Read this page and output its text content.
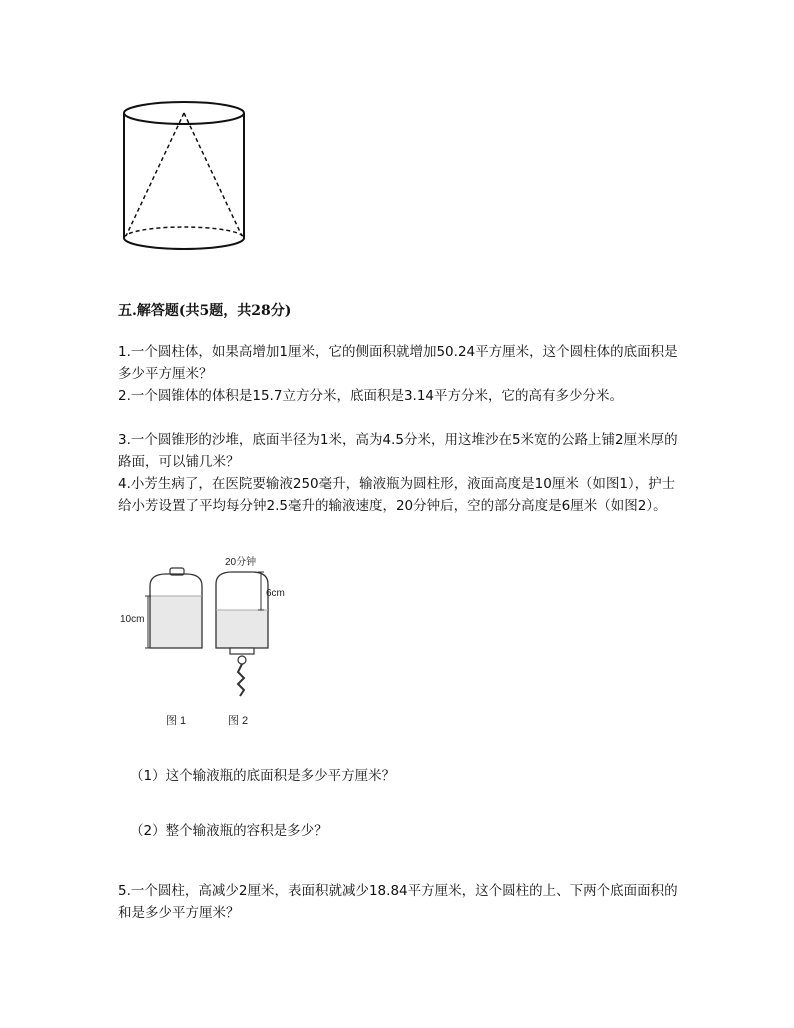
五.解答题(共5题，共28分)
1.一个圆柱体，如果高增加1厘米，它的侧面积就增加50.24平方厘米，这个圆柱体的底面积是多少平方厘米？
2.一个圆锥体的体积是15.7立方分米，底面积是3.14平方分米，它的高有多少分米。
3.一个圆锥形的沙堆，底面半径为1米，高为4.5分米，用这堆沙在5米宽的公路上铺2厘米厚的路面，可以铺几米？
4.小芳生病了，在医院要输液250毫升，输液瓶为圆柱形，液面高度是10厘米（如图1），护士给小芳设置了平均每分钟2.5毫升的输液速度，20分钟后，空的部分高度是6厘米（如图2）。
10cm
20分钟
6cm
图 1	图 2
（1）这个输液瓶的底面积是多少平方厘米？
（2）整个输液瓶的容积是多少？
5.一个圆柱，高减少2厘米，表面积就减少18.84平方厘米，这个圆柱的上、下两个底面面积的和是多少平方厘米？
